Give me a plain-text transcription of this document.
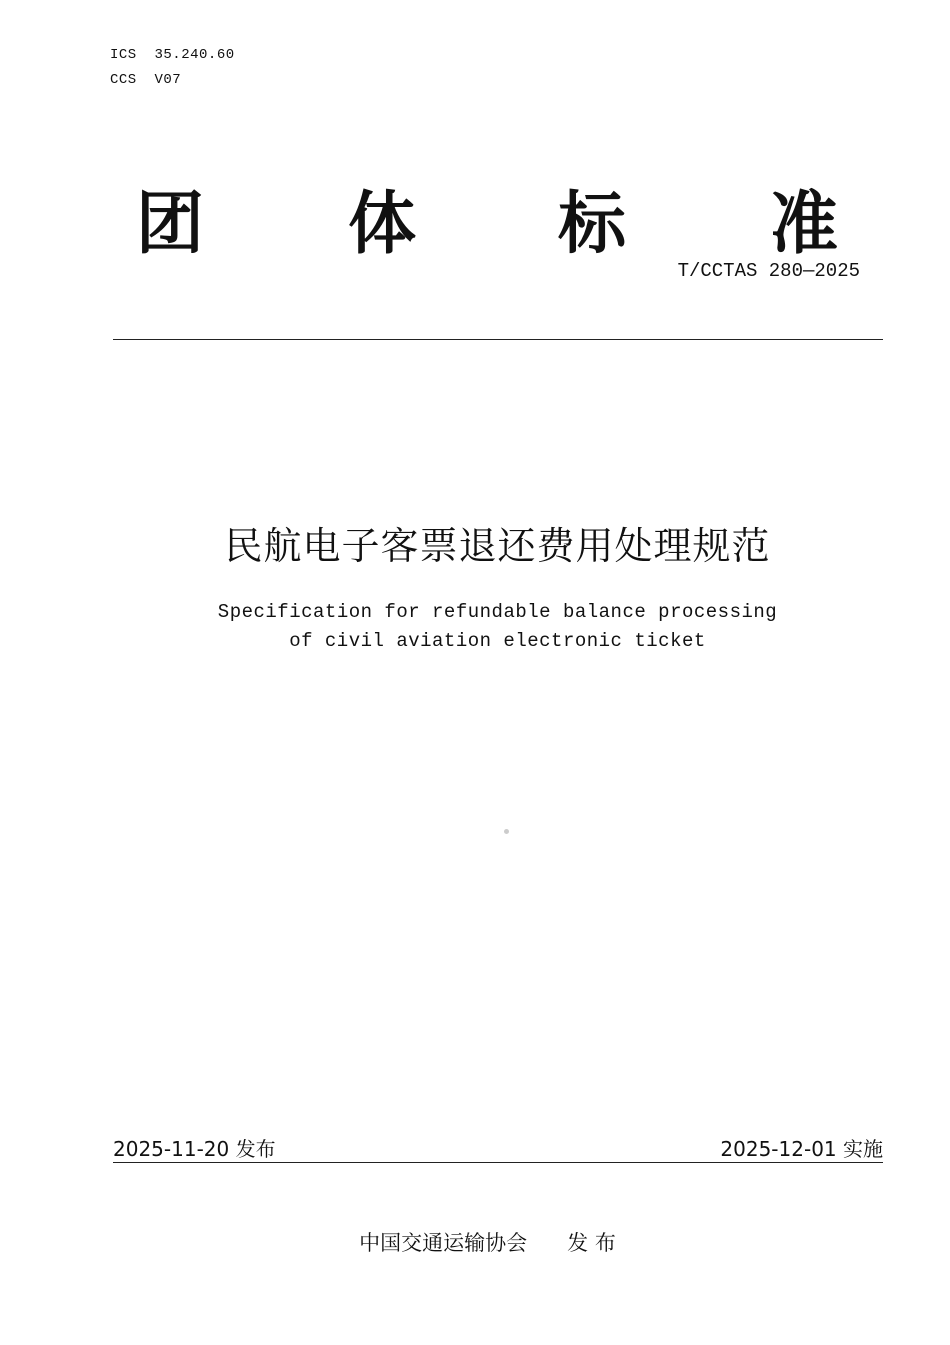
ICS  35.240.60
CCS  V07
团 体 标 准
T/CCTAS 280—2025
民航电子客票退还费用处理规范
Specification for refundable balance processing
of civil aviation electronic ticket
2025-11-20 发布	2025-12-01 实施
中国交通运输协会      发 布
